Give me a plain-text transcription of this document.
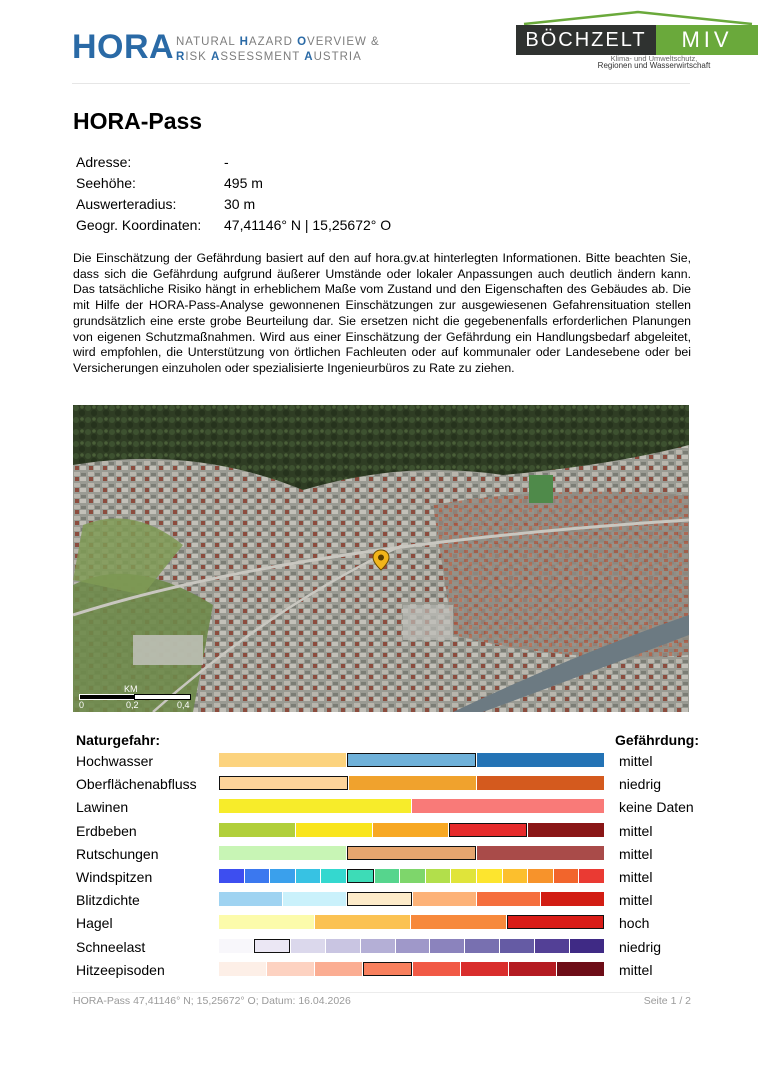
HORA NATURAL HAZARD OVERVIEW &
RISK ASSESSMENT AUSTRIA
BÖCHZELT	MIV
Klima- und Umweltschutz,
Regionen und Wasserwirtschaft
HORA-Pass
Adresse:	-
Seehöhe:	495 m
Auswerteradius:	30 m
Geogr. Koordinaten:	47,41146° N | 15,25672° O

Die Einschätzung der Gefährdung basiert auf den auf hora.gv.at hinterlegten Informationen. Bitte beachten Sie, dass sich die Gefährdung aufgrund äußerer Umstände oder lokaler Anpassungen auch deutlich ändern kann. Das tatsächliche Risiko hängt in erheblichem Maße vom Zustand und den Eigenschaften des Gebäudes ab. Die mit Hilfe der HORA-Pass-Analyse gewonnenen Einschätzungen zur ausgewiesenen Gefahrensituation stellen grundsätzlich eine erste grobe Beurteilung dar. Sie ersetzen nicht die gegebenenfalls erforderlichen Planungen von eigenen Schutzmaßnahmen. Wird aus einer Einschätzung der Gefährdung ein Handlungsbedarf abgeleitet, wird empfohlen, die Unterstützung von örtlichen Fachleuten oder auf kommunaler oder Landesebene oder bei Versicherungen einzuholen oder spezialisierte Ingenieurbüros zu Rate zu ziehen.

KM
0	0,2	0,4
Naturgefahr:	Gefährdung:
Hochwasser	mittel
Oberflächenabfluss	niedrig
Lawinen	keine Daten
Erdbeben	mittel
Rutschungen	mittel
Windspitzen	mittel
Blitzdichte	mittel
Hagel	hoch
Schneelast	niedrig
Hitzeepisoden	mittel
HORA-Pass 47,41146° N; 15,25672° O; Datum: 16.04.2026	Seite 1 / 2
